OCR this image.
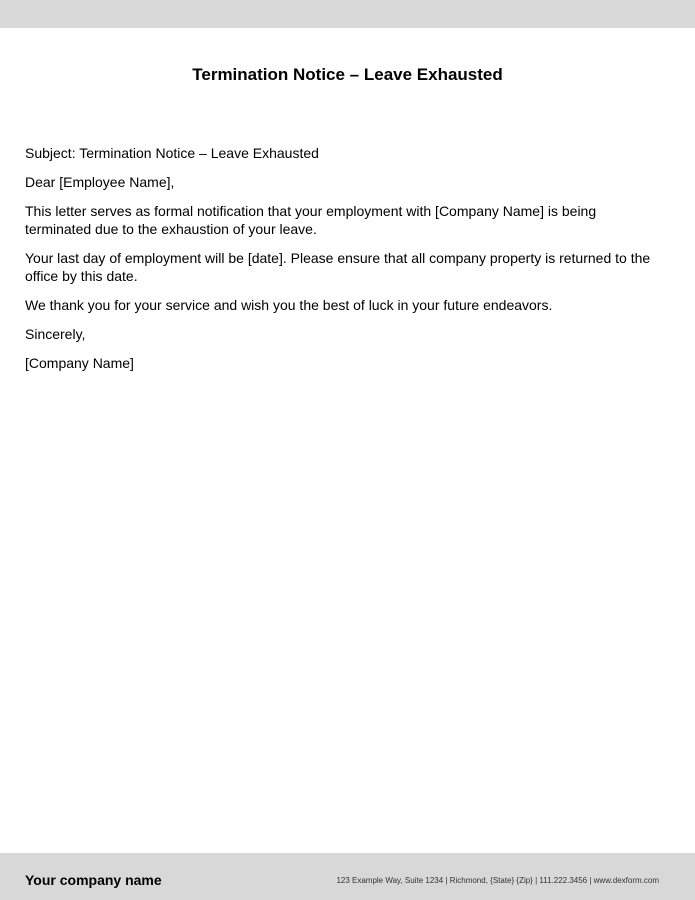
Termination Notice – Leave Exhausted

Subject: Termination Notice – Leave Exhausted

Dear [Employee Name],

This letter serves as formal notification that your employment with [Company Name] is being terminated due to the exhaustion of your leave.

Your last day of employment will be [date]. Please ensure that all company property is returned to the office by this date.

We thank you for your service and wish you the best of luck in your future endeavors.

Sincerely,

[Company Name]

Your company name	123 Example Way, Suite 1234 | Richmond, {State} {Zip} | 111.222.3456 | www.dexform.com
